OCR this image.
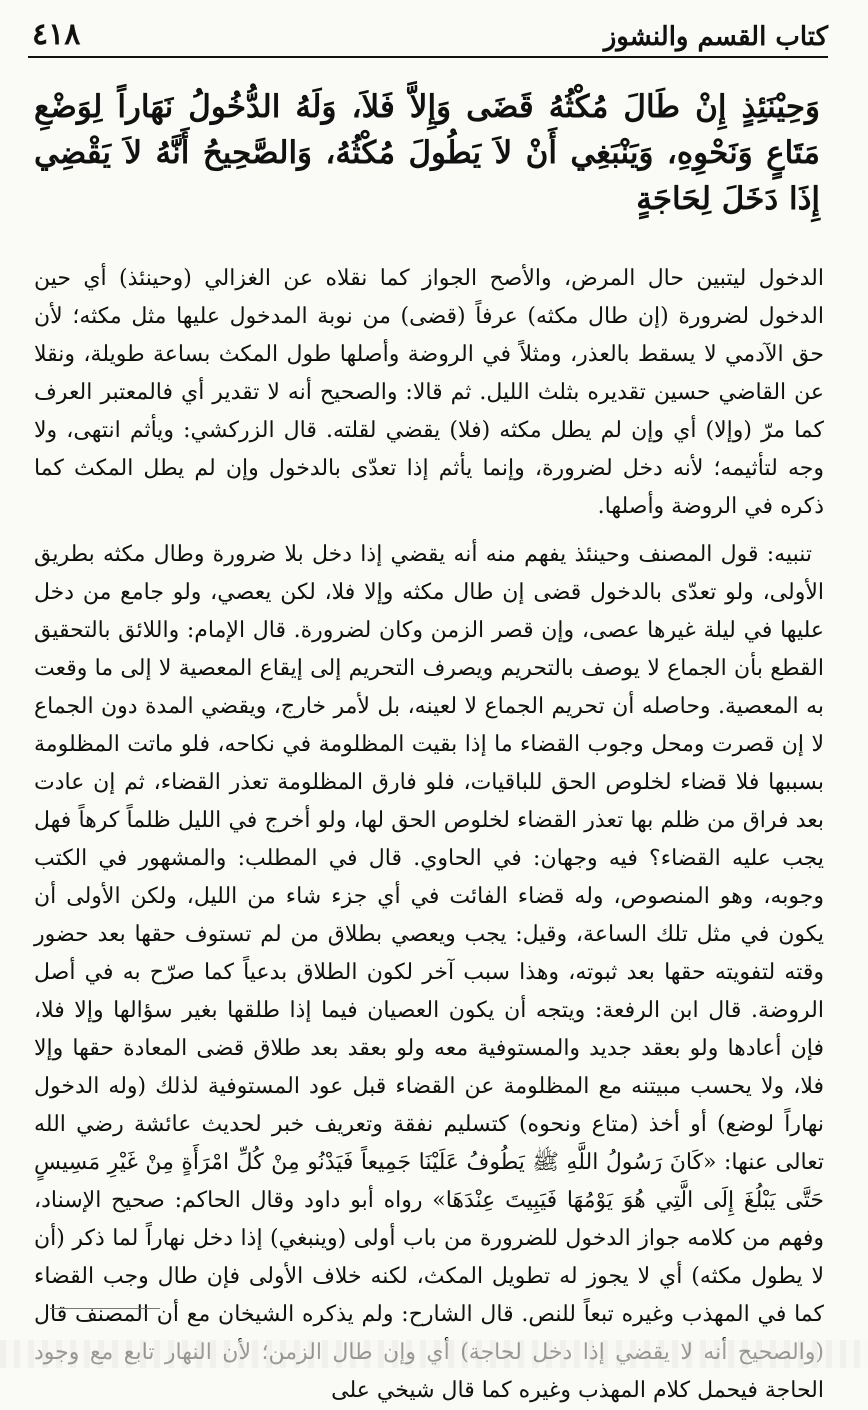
٤١٨	كتاب القسم والنشوز

وَحِيْنَئِذٍ إِنْ طَالَ مُكْثُهُ قَضَى وَإِلاَّ فَلاَ، وَلَهُ الدُّخُولُ نَهَاراً لِوَضْعِ مَتَاعٍ وَنَحْوِهِ، وَيَنْبَغِي أَنْ لاَ يَطُولَ مُكْثُهُ، وَالصَّحِيحُ أَنَّهُ لاَ يَقْضِي إِذَا دَخَلَ لِحَاجَةٍ

الدخول ليتبين حال المرض، والأصح الجواز كما نقلاه عن الغزالي (وحينئذ) أي حين الدخول لضرورة (إن طال مكثه) عرفاً (قضى) من نوبة المدخول عليها مثل مكثه؛ لأن حق الآدمي لا يسقط بالعذر، ومثلاً في الروضة وأصلها طول المكث بساعة طويلة، ونقلا عن القاضي حسين تقديره بثلث الليل. ثم قالا: والصحيح أنه لا تقدير أي فالمعتبر العرف كما مرّ (وإلا) أي وإن لم يطل مكثه (فلا) يقضي لقلته. قال الزركشي: ويأثم انتهى، ولا وجه لتأثيمه؛ لأنه دخل لضرورة، وإنما يأثم إذا تعدّى بالدخول وإن لم يطل المكث كما ذكره في الروضة وأصلها.

تنبيه: قول المصنف وحينئذ يفهم منه أنه يقضي إذا دخل بلا ضرورة وطال مكثه بطريق الأولى، ولو تعدّى بالدخول قضى إن طال مكثه وإلا فلا، لكن يعصي، ولو جامع من دخل عليها في ليلة غيرها عصى، وإن قصر الزمن وكان لضرورة. قال الإمام: واللائق بالتحقيق القطع بأن الجماع لا يوصف بالتحريم ويصرف التحريم إلى إيقاع المعصية لا إلى ما وقعت به المعصية. وحاصله أن تحريم الجماع لا لعينه، بل لأمر خارج، ويقضي المدة دون الجماع لا إن قصرت ومحل وجوب القضاء ما إذا بقيت المظلومة في نكاحه، فلو ماتت المظلومة بسببها فلا قضاء لخلوص الحق للباقيات، فلو فارق المظلومة تعذر القضاء، ثم إن عادت بعد فراق من ظلم بها تعذر القضاء لخلوص الحق لها، ولو أخرج في الليل ظلماً كرهاً فهل يجب عليه القضاء؟ فيه وجهان: في الحاوي. قال في المطلب: والمشهور في الكتب وجوبه، وهو المنصوص، وله قضاء الفائت في أي جزء شاء من الليل، ولكن الأولى أن يكون في مثل تلك الساعة، وقيل: يجب ويعصي بطلاق من لم تستوف حقها بعد حضور وقته لتفويته حقها بعد ثبوته، وهذا سبب آخر لكون الطلاق بدعياً كما صرّح به في أصل الروضة. قال ابن الرفعة: ويتجه أن يكون العصيان فيما إذا طلقها بغير سؤالها وإلا فلا، فإن أعادها ولو بعقد جديد والمستوفية معه ولو بعقد بعد طلاق قضى المعادة حقها وإلا فلا، ولا يحسب مبيتنه مع المظلومة عن القضاء قبل عود المستوفية لذلك (وله الدخول نهاراً لوضع) أو أخذ (متاع ونحوه) كتسليم نفقة وتعريف خبر لحديث عائشة رضي الله تعالى عنها: «كَانَ رَسُولُ اللَّهِ ﷺ يَطُوفُ عَلَيْنَا جَمِيعاً فَيَدْنُو مِنْ كُلِّ امْرَأَةٍ مِنْ غَيْرِ مَسِيسٍ حَتَّى يَبْلُغَ إِلَى الَّتِي هُوَ يَوْمُهَا فَيَبِيتَ عِنْدَهَا» رواه أبو داود وقال الحاكم: صحيح الإسناد، وفهم من كلامه جواز الدخول للضرورة من باب أولى (وينبغي) إذا دخل نهاراً لما ذكر (أن لا يطول مكثه) أي لا يجوز له تطويل المكث، لكنه خلاف الأولى فإن طال وجب القضاء كما في المهذب وغيره تبعاً للنص. قال الشارح: ولم يذكره الشيخان مع أن المصنف قال الحاجة فيحمل كلام المهذب وغيره كما قال شيخي على
